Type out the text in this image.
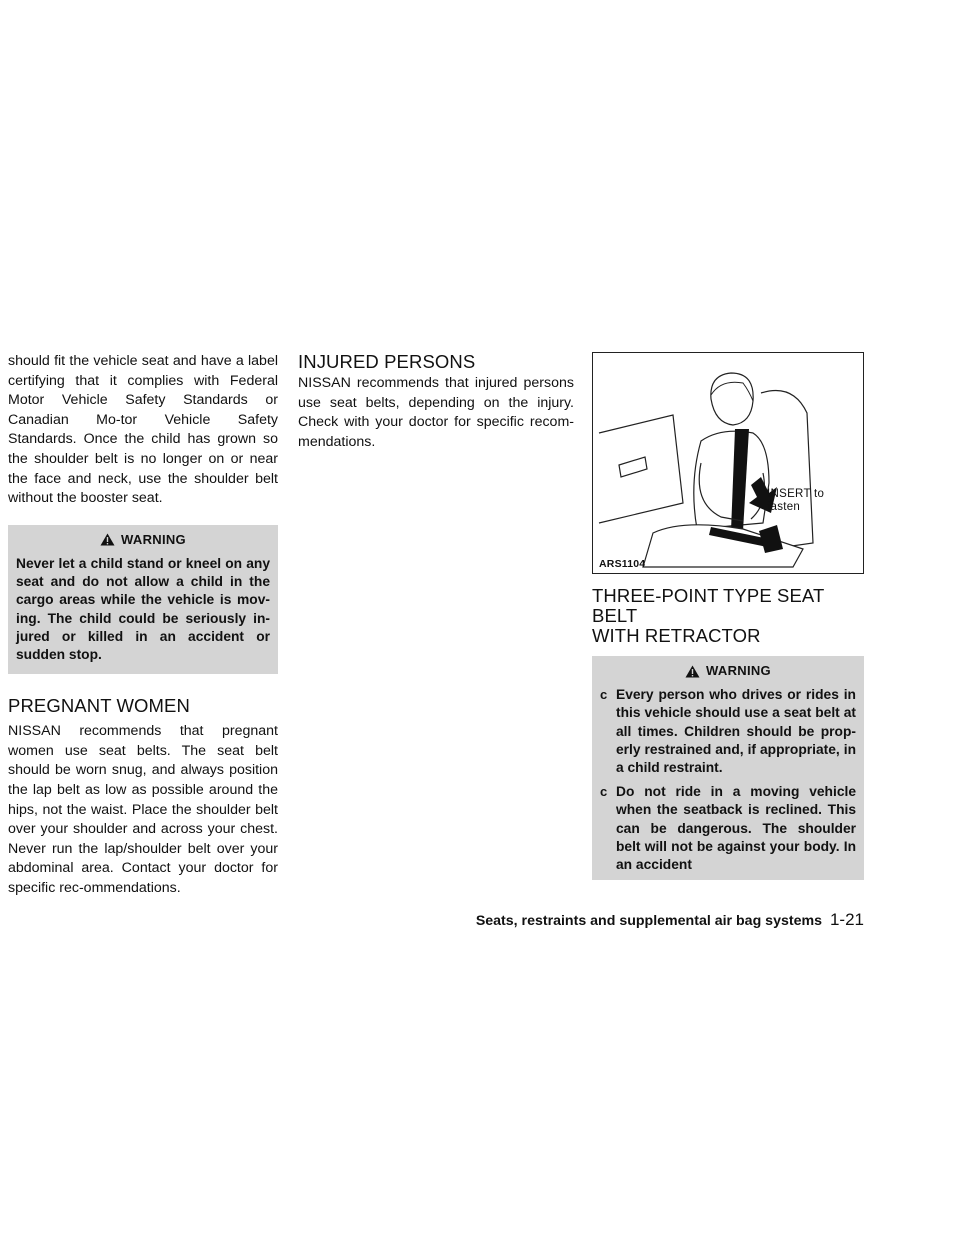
should fit the vehicle seat and have a label certifying that it complies with Federal Motor Vehicle Safety Standards or Canadian Mo-tor Vehicle Safety Standards. Once the child has grown so the shoulder belt is no longer on or near the face and neck, use the shoulder belt without the booster seat.

WARNING
Never let a child stand or kneel on any seat and do not allow a child in the cargo areas while the vehicle is mov-ing. The child could be seriously in-jured or killed in an accident or sudden stop.
PREGNANT WOMEN

NISSAN recommends that pregnant women use seat belts. The seat belt should be worn snug, and always position the lap belt as low as possible around the hips, not the waist. Place the shoulder belt over your shoulder and across your chest. Never run the lap/shoulder belt over your abdominal area. Contact your doctor for specific rec-ommendations.

INJURED PERSONS

NISSAN recommends that injured persons use seat belts, depending on the injury. Check with your doctor for specific recom-mendations.

INSERT to
fasten
ARS1104
THREE-POINT TYPE SEAT BELT
WITH RETRACTOR
WARNING
c Every person who drives or rides in this vehicle should use a seat belt at all times. Children should be prop-erly restrained and, if appropriate, in a child restraint.
c Do not ride in a moving vehicle when the seatback is reclined. This can be dangerous. The shoulder belt will not be against your body. In an accident
Seats, restraints and supplemental air bag systems 1-21
